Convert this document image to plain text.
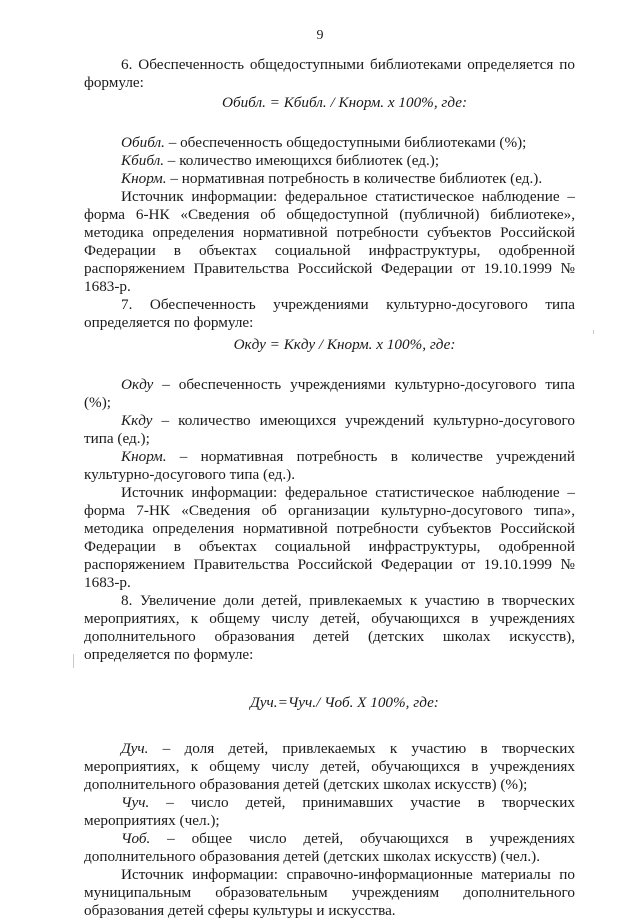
9

6. Обеспеченность общедоступными библиотеками определяется по формуле:

Обибл. = Кбибл. / Кнорм. х 100%, где:

Обибл. – обеспеченность общедоступными библиотеками (%);

Кбибл. – количество имеющихся библиотек (ед.);

Кнорм. – нормативная потребность в количестве библиотек (ед.).

Источник информации: федеральное статистическое наблюдение – форма 6-НК «Сведения об общедоступной (публичной) библиотеке», методика определения нормативной потребности субъектов Российской Федерации в объектах социальной инфраструктуры, одобренной распоряжением Правительства Российской Федерации от 19.10.1999 № 1683-р.

7. Обеспеченность учреждениями культурно-досугового типа определяется по формуле:

Окду = Ккду / Кнорм. х 100%, где:

Окду – обеспеченность учреждениями культурно-досугового типа (%);

Ккду – количество имеющихся учреждений культурно-досугового типа (ед.);

Кнорм. – нормативная потребность в количестве учреждений культурно-досугового типа (ед.).

Источник информации: федеральное статистическое наблюдение – форма 7-НК «Сведения об организации культурно-досугового типа», методика определения нормативной потребности субъектов Российской Федерации в объектах социальной инфраструктуры, одобренной распоряжением Правительства Российской Федерации от 19.10.1999 № 1683-р.

8. Увеличение доли детей, привлекаемых к участию в творческих мероприятиях, к общему числу детей, обучающихся в учреждениях дополнительного образования детей (детских школах искусств), определяется по формуле:

Дуч.=Чуч./ Чоб. Х 100%, где:

Дуч. – доля детей, привлекаемых к участию в творческих мероприятиях, к общему числу детей, обучающихся в учреждениях дополнительного образования детей (детских школах искусств) (%);

Чуч. – число детей, принимавших участие в творческих мероприятиях (чел.);

Чоб. – общее число детей, обучающихся в учреждениях дополнительного образования детей (детских школах искусств) (чел.).

Источник информации: справочно-информационные материалы по муниципальным образовательным учреждениям дополнительного образования детей сферы культуры и искусства.
